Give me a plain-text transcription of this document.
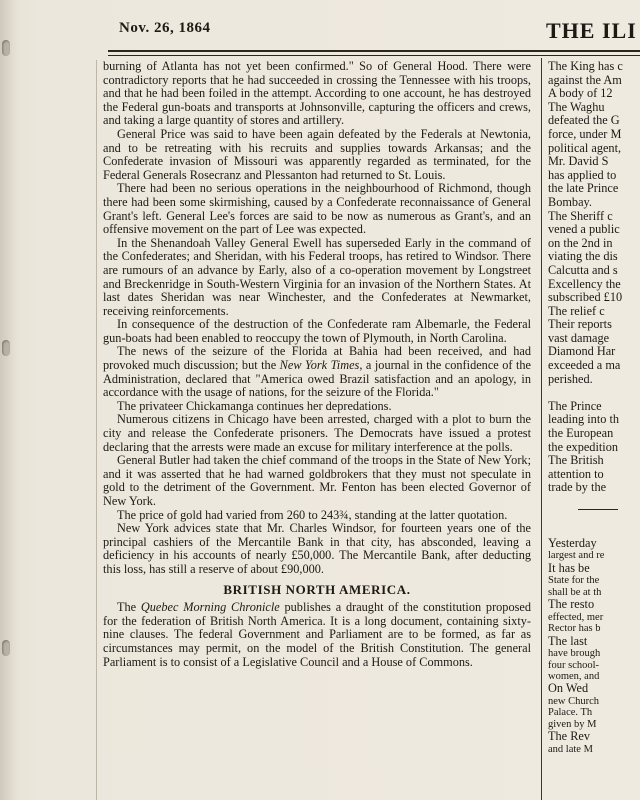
Nov. 26, 1864	THE ILI

burning of Atlanta has not yet been confirmed." So of General Hood. There were contradictory reports that he had succeeded in crossing the Tennessee with his troops, and that he had been foiled in the attempt. According to one account, he has destroyed the Federal gun-boats and transports at Johnsonville, capturing the officers and crews, and taking a large quantity of stores and artillery.

General Price was said to have been again defeated by the Federals at Newtonia, and to be retreating with his recruits and supplies towards Arkansas; and the Confederate invasion of Missouri was apparently regarded as terminated, for the Federal Generals Rosecranz and Plessanton had returned to St. Louis.

There had been no serious operations in the neighbourhood of Richmond, though there had been some skirmishing, caused by a Confederate reconnaissance of General Grant's left. General Lee's forces are said to be now as numerous as Grant's, and an offensive movement on the part of Lee was expected.

In the Shenandoah Valley General Ewell has superseded Early in the command of the Confederates; and Sheridan, with his Federal troops, has retired to Windsor. There are rumours of an advance by Early, also of a co-operation movement by Longstreet and Breckenridge in South-Western Virginia for an invasion of the Northern States. At last dates Sheridan was near Winchester, and the Confederates at Newmarket, receiving reinforcements.

In consequence of the destruction of the Confederate ram Albemarle, the Federal gun-boats had been enabled to reoccupy the town of Plymouth, in North Carolina.

The news of the seizure of the Florida at Bahia had been received, and had provoked much discussion; but the New York Times, a journal in the confidence of the Administration, declared that "America owed Brazil satisfaction and an apology, in accordance with the usage of nations, for the seizure of the Florida."

The privateer Chickamanga continues her depredations.

Numerous citizens in Chicago have been arrested, charged with a plot to burn the city and release the Confederate prisoners. The Democrats have issued a protest declaring that the arrests were made an excuse for military interference at the polls.

General Butler had taken the chief command of the troops in the State of New York; and it was asserted that he had warned goldbrokers that they must not speculate in gold to the detriment of the Government. Mr. Fenton has been elected Governor of New York.

The price of gold had varied from 260 to 243¾, standing at the latter quotation.

New York advices state that Mr. Charles Windsor, for fourteen years one of the principal cashiers of the Mercantile Bank in that city, has absconded, leaving a deficiency in his accounts of nearly £50,000. The Mercantile Bank, after deducting this loss, has still a reserve of about £90,000.

BRITISH NORTH AMERICA.

The Quebec Morning Chronicle publishes a draught of the constitution proposed for the federation of British North America. It is a long document, containing sixty-nine clauses. The federal Government and Parliament are to be formed, as far as circumstances may permit, on the model of the British Constitution. The general Parliament is to consist of a Legislative Council and a House of Commons.

The King has c
against the Am
A body of 12
The Waghu
defeated the G
force, under M
political agent,
Mr. David S
has applied to
the late Prince
Bombay.
The Sheriff c
vened a public
on the 2nd in
viating the dis
Calcutta and s
Excellency the
subscribed £10
The relief c
Their reports
vast damage
Diamond Har
exceeded a ma
perished.
The Prince
leading into th
the European
the expedition
The British
attention to
trade by the
Yesterday
largest and re
It has be
State for the
shall be at th
The resto
effected, mer
Rector has b
The last
have brough
four school-
women, and
On Wed
new Church
Palace. Th
given by M
The Rev
and late M
